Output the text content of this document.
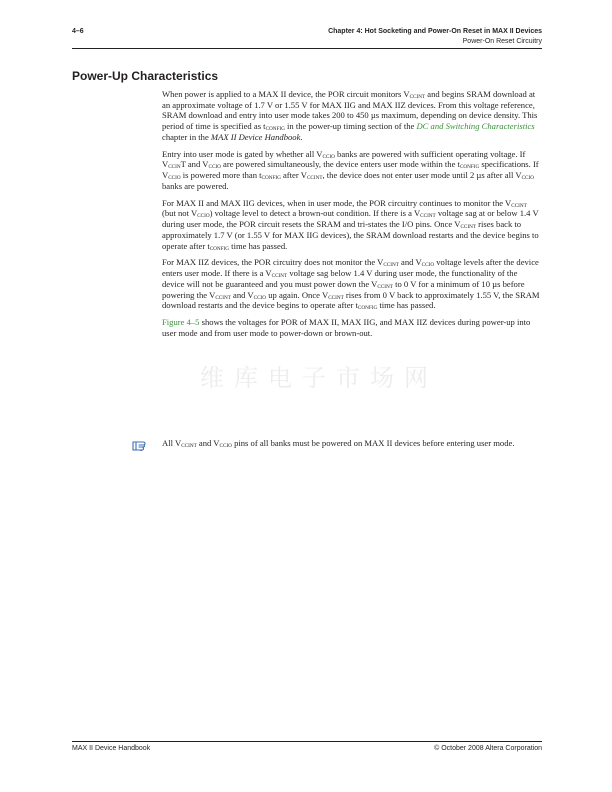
4–6	Chapter 4: Hot Socketing and Power-On Reset in MAX II Devices
Power-On Reset Circuitry
Power-Up Characteristics

When power is applied to a MAX II device, the POR circuit monitors $V_{CCINT}$ and begins SRAM download at an approximate voltage of 1.7 V or 1.55 V for MAX IIG and MAX IIZ devices. From this voltage reference, SRAM download and entry into user mode takes 200 to 450 µs maximum, depending on device density. This period of time is specified as $t_{CONFIG}$ in the power-up timing section of the DC and Switching Characteristics chapter in the MAX II Device Handbook.

Entry into user mode is gated by whether all $V_{CCIO}$ banks are powered with sufficient operating voltage. If $V_{CCIN}T$ and $V_{CCIO}$ are powered simultaneously, the device enters user mode within the $t_{CONFIG}$ specifications. If $V_{CCIO}$ is powered more than $t_{CONFIG}$ after $V_{CCINT}$, the device does not enter user mode until 2 µs after all $V_{CCIO}$ banks are powered.

For MAX II and MAX IIG devices, when in user mode, the POR circuitry continues to monitor the $V_{CCINT}$ (but not $V_{CCIO}$) voltage level to detect a brown-out condition. If there is a $V_{CCINT}$ voltage sag at or below 1.4 V during user mode, the POR circuit resets the SRAM and tri-states the I/O pins. Once $V_{CCINT}$ rises back to approximately 1.7 V (or 1.55 V for MAX IIG devices), the SRAM download restarts and the device begins to operate after $t_{CONFIG}$ time has passed.

For MAX IIZ devices, the POR circuitry does not monitor the $V_{CCINT}$ and $V_{CCIO}$ voltage levels after the device enters user mode. If there is a $V_{CCINT}$ voltage sag below 1.4 V during user mode, the functionality of the device will not be guaranteed and you must power down the $V_{CCINT}$ to 0 V for a minimum of 10 µs before powering the $V_{CCINT}$ and $V_{CCIO}$ up again. Once $V_{CCINT}$ rises from 0 V back to approximately 1.55 V, the SRAM download restarts and the device begins to operate after $t_{CONFIG}$ time has passed.

Figure 4–5 shows the voltages for POR of MAX II, MAX IIG, and MAX IIZ devices during power-up into user mode and from user mode to power-down or brown-out.

维库电子市场网

All $V_{CCINT}$ and $V_{CCIO}$ pins of all banks must be powered on MAX II devices before entering user mode.

MAX II Device Handbook	© October 2008 Altera Corporation
